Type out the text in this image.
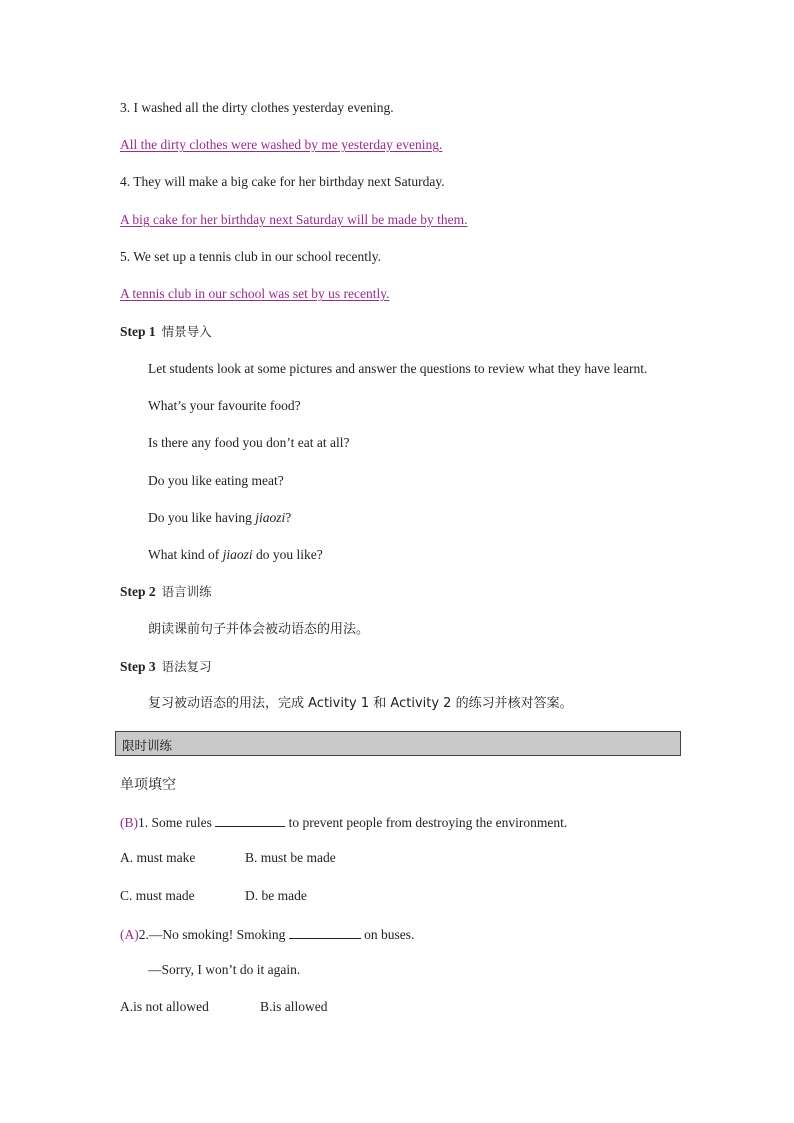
3. I washed all the dirty clothes yesterday evening.
All the dirty clothes were washed by me yesterday evening.
4. They will make a big cake for her birthday next Saturday.
A big cake for her birthday next Saturday will be made by them.
5. We set up a tennis club in our school recently.
A tennis club in our school was set by us recently.
Step 1 情景导入
Let students look at some pictures and answer the questions to review what they have learnt.
What’s your favourite food?
Is there any food you don’t eat at all?
Do you like eating meat?
Do you like having jiaozi?
What kind of jiaozi do you like?
Step 2 语言训练
朗读课前句子并体会被动语态的用法。
Step 3 语法复习
复习被动语态的用法，完成 Activity 1 和 Activity 2 的练习并核对答案。
限时训练
单项填空
(B)1. Some rules	to prevent people from destroying the environment.
A. must make	B. must be made
C. must made	D. be made
(A)2.—No smoking! Smoking	on buses.
—Sorry, I won’t do it again.
A.is not allowed	B.is allowed
